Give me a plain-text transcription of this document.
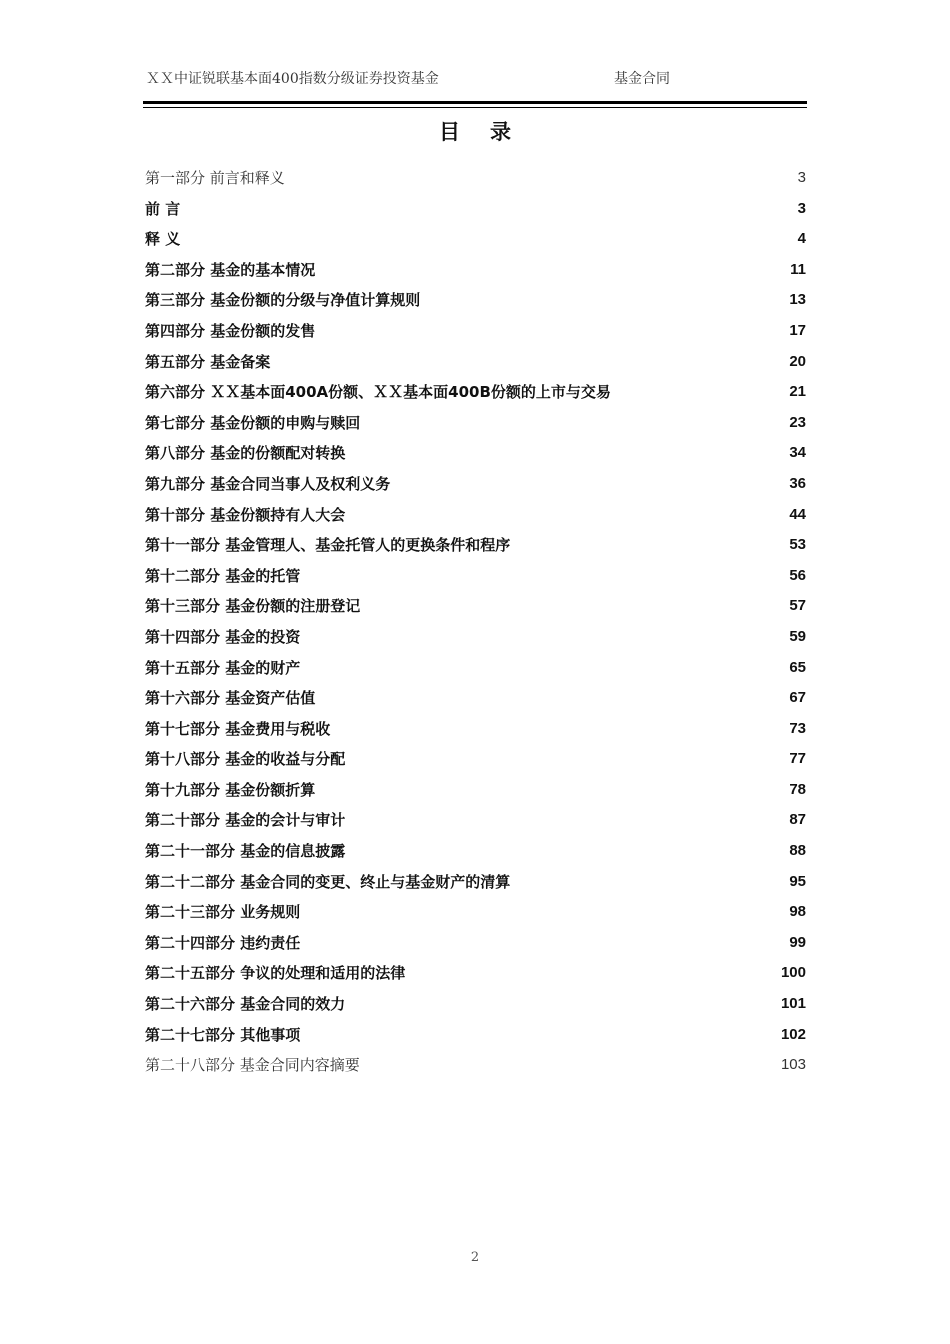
ＸＸ中证锐联基本面400指数分级证券投资基金	基金合同
目录
第一部分 前言和释义	3
前 言	3
释 义	4
第二部分 基金的基本情况	11
第三部分 基金份额的分级与净值计算规则	13
第四部分 基金份额的发售	17
第五部分 基金备案	20
第六部分 ＸＸ基本面400A份额、ＸＸ基本面400B份额的上市与交易	21
第七部分 基金份额的申购与赎回	23
第八部分 基金的份额配对转换	34
第九部分 基金合同当事人及权利义务	36
第十部分 基金份额持有人大会	44
第十一部分 基金管理人、基金托管人的更换条件和程序	53
第十二部分 基金的托管	56
第十三部分 基金份额的注册登记	57
第十四部分 基金的投资	59
第十五部分 基金的财产	65
第十六部分 基金资产估值	67
第十七部分 基金费用与税收	73
第十八部分 基金的收益与分配	77
第十九部分 基金份额折算	78
第二十部分 基金的会计与审计	87
第二十一部分 基金的信息披露	88
第二十二部分 基金合同的变更、终止与基金财产的清算	95
第二十三部分 业务规则	98
第二十四部分 违约责任	99
第二十五部分 争议的处理和适用的法律	100
第二十六部分 基金合同的效力	101
第二十七部分 其他事项	102
第二十八部分 基金合同内容摘要	103
2
